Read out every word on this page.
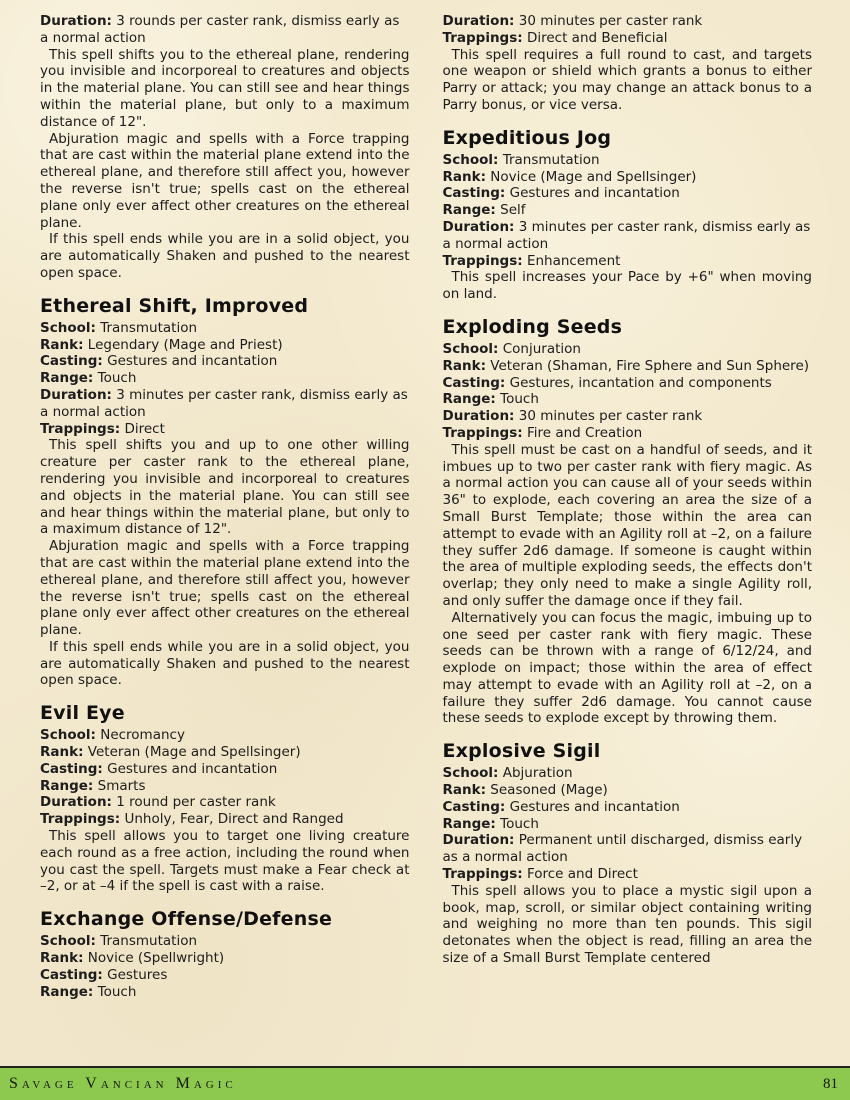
Duration: 3 rounds per caster rank, dismiss early as a normal action

This spell shifts you to the ethereal plane, rendering you invisible and incorporeal to creatures and objects in the material plane. You can still see and hear things within the material plane, but only to a maximum distance of 12".

Abjuration magic and spells with a Force trapping that are cast within the material plane extend into the ethereal plane, and therefore still affect you, however the reverse isn't true; spells cast on the ethereal plane only ever affect other creatures on the ethereal plane.

If this spell ends while you are in a solid object, you are automatically Shaken and pushed to the nearest open space.

Ethereal Shift, Improved
School: Transmutation
Rank: Legendary (Mage and Priest)
Casting: Gestures and incantation
Range: Touch
Duration: 3 minutes per caster rank, dismiss early as a normal action
Trappings: Direct

This spell shifts you and up to one other willing creature per caster rank to the ethereal plane, rendering you invisible and incorporeal to creatures and objects in the material plane. You can still see and hear things within the material plane, but only to a maximum distance of 12".

Abjuration magic and spells with a Force trapping that are cast within the material plane extend into the ethereal plane, and therefore still affect you, however the reverse isn't true; spells cast on the ethereal plane only ever affect other creatures on the ethereal plane.

If this spell ends while you are in a solid object, you are automatically Shaken and pushed to the nearest open space.

Evil Eye
School: Necromancy
Rank: Veteran (Mage and Spellsinger)
Casting: Gestures and incantation
Range: Smarts
Duration: 1 round per caster rank
Trappings: Unholy, Fear, Direct and Ranged

This spell allows you to target one living creature each round as a free action, including the round when you cast the spell. Targets must make a Fear check at –2, or at –4 if the spell is cast with a raise.

Exchange Offense/Defense
School: Transmutation
Rank: Novice (Spellwright)
Casting: Gestures
Range: Touch
Duration: 30 minutes per caster rank
Trappings: Direct and Beneficial

This spell requires a full round to cast, and targets one weapon or shield which grants a bonus to either Parry or attack; you may change an attack bonus to a Parry bonus, or vice versa.

Expeditious Jog
School: Transmutation
Rank: Novice (Mage and Spellsinger)
Casting: Gestures and incantation
Range: Self
Duration: 3 minutes per caster rank, dismiss early as a normal action
Trappings: Enhancement

This spell increases your Pace by +6" when moving on land.

Exploding Seeds
School: Conjuration
Rank: Veteran (Shaman, Fire Sphere and Sun Sphere)
Casting: Gestures, incantation and components
Range: Touch
Duration: 30 minutes per caster rank
Trappings: Fire and Creation

This spell must be cast on a handful of seeds, and it imbues up to two per caster rank with fiery magic. As a normal action you can cause all of your seeds within 36" to explode, each covering an area the size of a Small Burst Template; those within the area can attempt to evade with an Agility roll at –2, on a failure they suffer 2d6 damage. If someone is caught within the area of multiple exploding seeds, the effects don't overlap; they only need to make a single Agility roll, and only suffer the damage once if they fail.

Alternatively you can focus the magic, imbuing up to one seed per caster rank with fiery magic. These seeds can be thrown with a range of 6/12/24, and explode on impact; those within the area of effect may attempt to evade with an Agility roll at –2, on a failure they suffer 2d6 damage. You cannot cause these seeds to explode except by throwing them.

Explosive Sigil
School: Abjuration
Rank: Seasoned (Mage)
Casting: Gestures and incantation
Range: Touch
Duration: Permanent until discharged, dismiss early as a normal action
Trappings: Force and Direct

This spell allows you to place a mystic sigil upon a book, map, scroll, or similar object containing writing and weighing no more than ten pounds. This sigil detonates when the object is read, filling an area the size of a Small Burst Template centered

Savage Vancian Magic	81
